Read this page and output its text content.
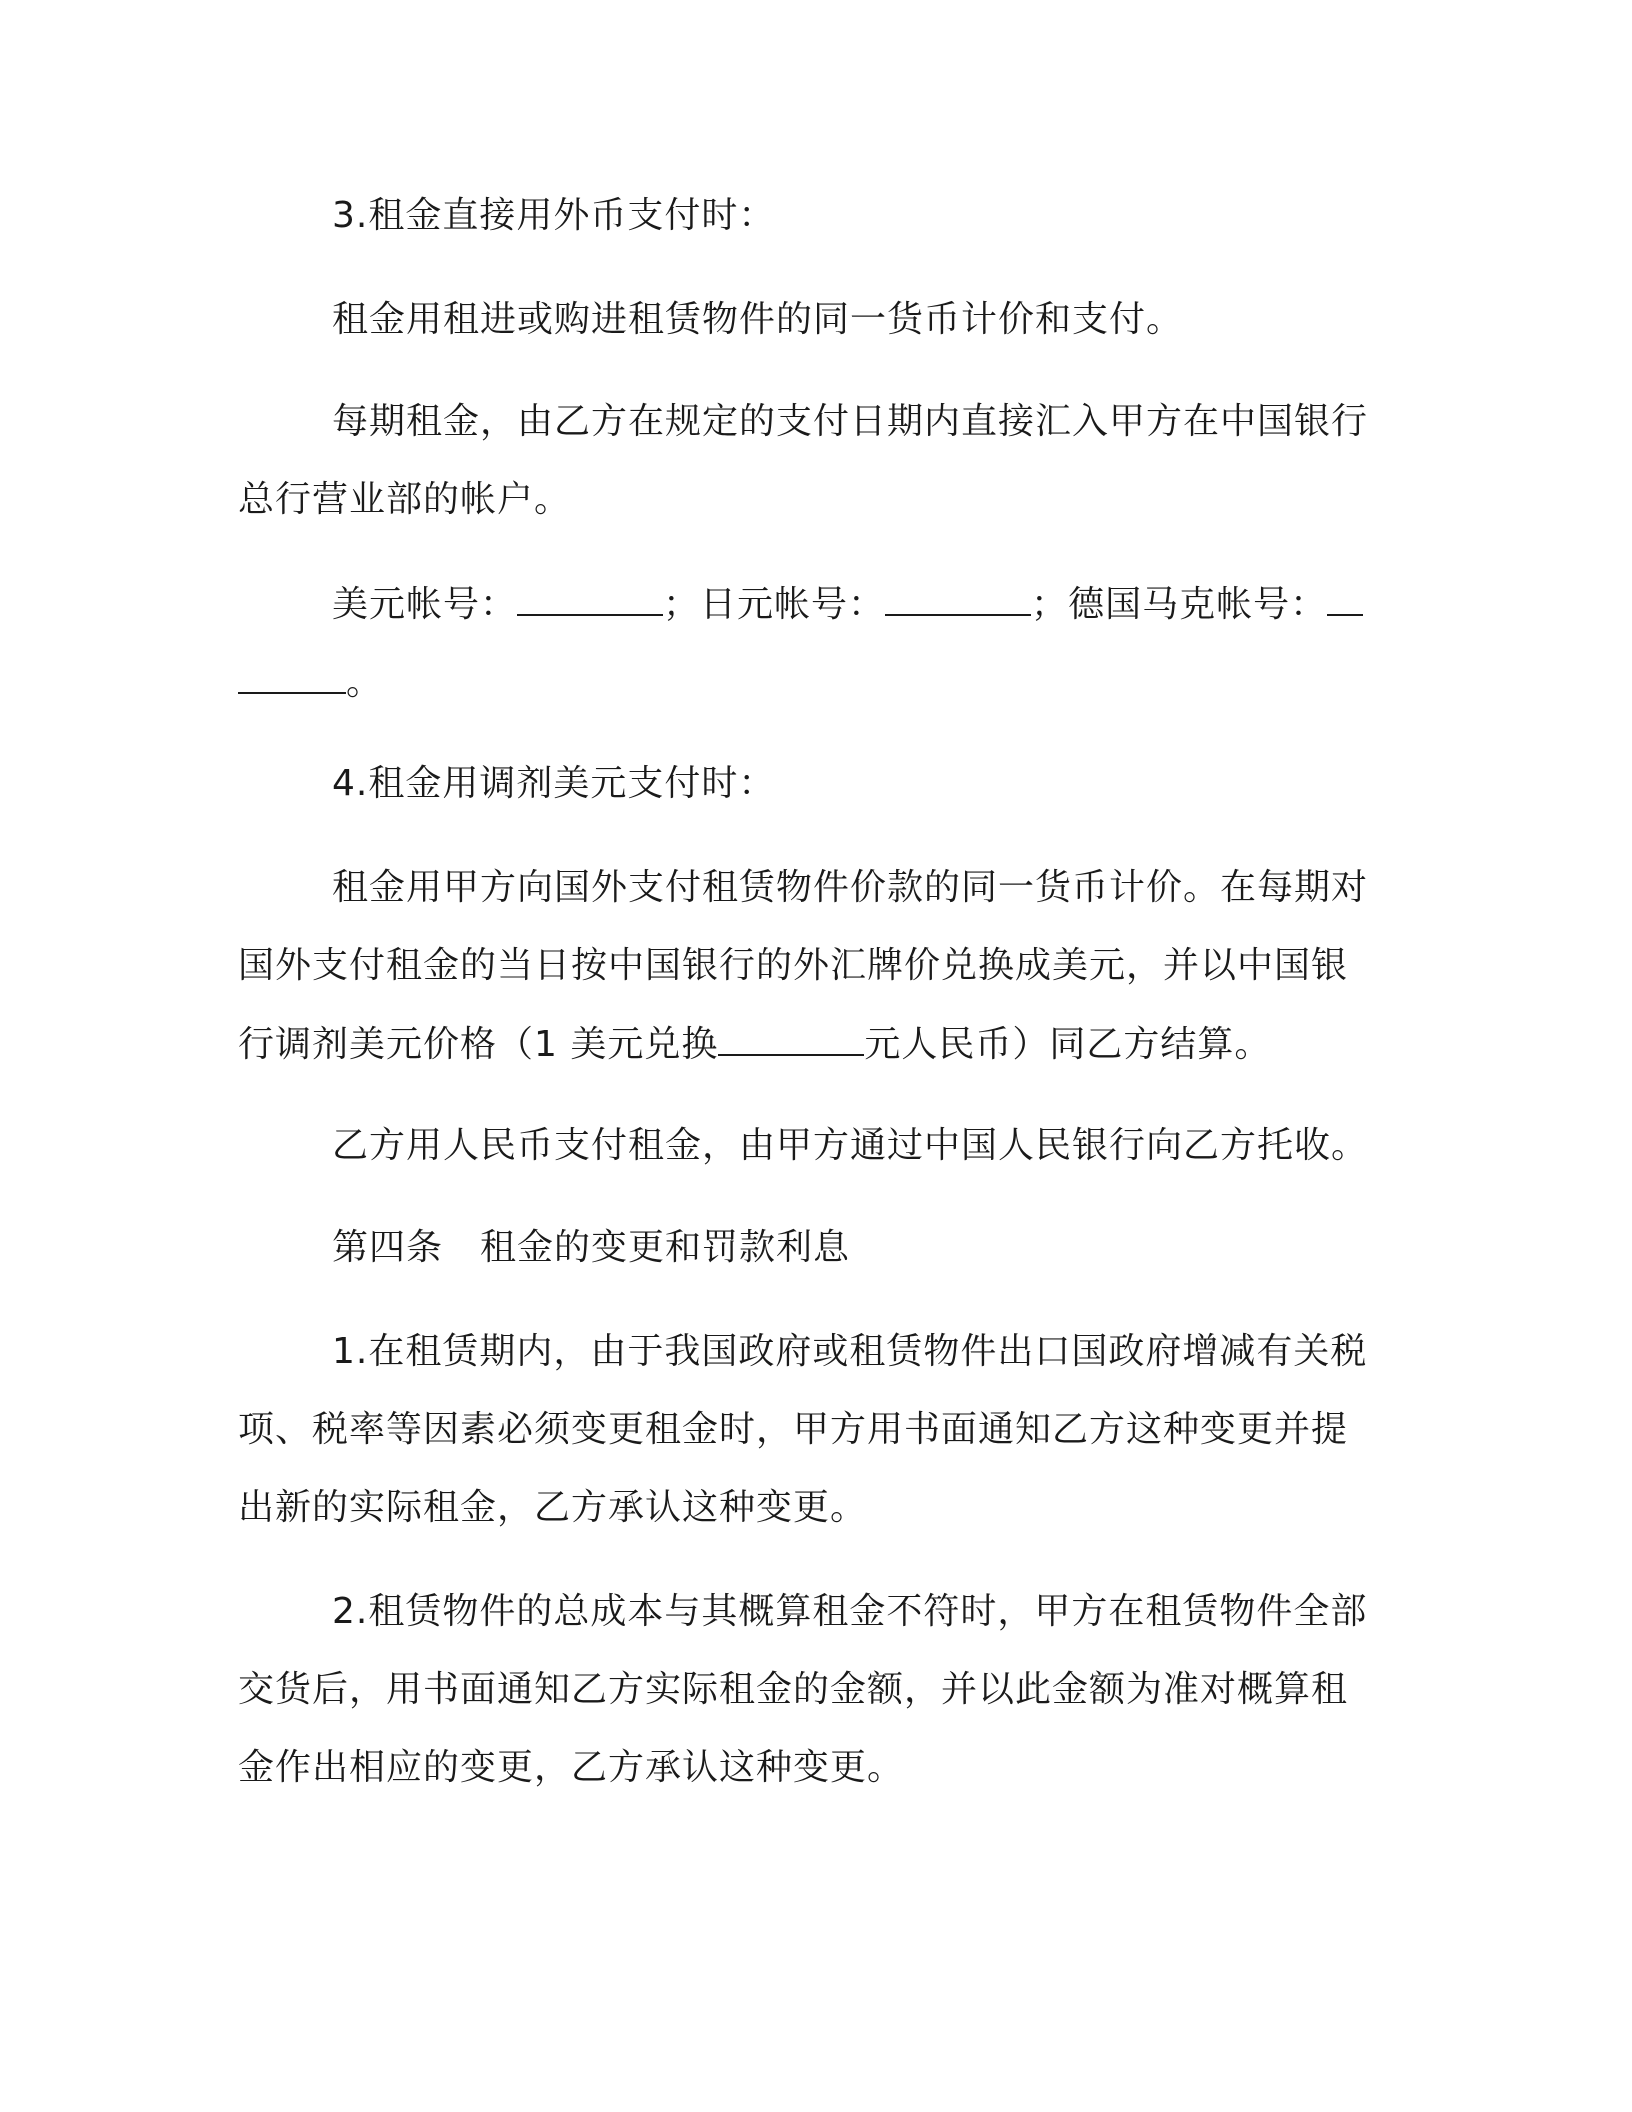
3.租金直接用外币支付时：
租金用租进或购进租赁物件的同一货币计价和支付。
每期租金，由乙方在规定的支付日期内直接汇入甲方在中国银行
总行营业部的帐户。
美元帐号：	；日元帐号：	；德国马克帐号：
。
4.租金用调剂美元支付时：
租金用甲方向国外支付租赁物件价款的同一货币计价。在每期对
国外支付租金的当日按中国银行的外汇牌价兑换成美元，并以中国银
行调剂美元价格（1 美元兑换	元人民币）同乙方结算。
乙方用人民币支付租金，由甲方通过中国人民银行向乙方托收。
第四条　租金的变更和罚款利息
1.在租赁期内，由于我国政府或租赁物件出口国政府增减有关税
项、税率等因素必须变更租金时，甲方用书面通知乙方这种变更并提
出新的实际租金，乙方承认这种变更。
2.租赁物件的总成本与其概算租金不符时，甲方在租赁物件全部
交货后，用书面通知乙方实际租金的金额，并以此金额为准对概算租
金作出相应的变更，乙方承认这种变更。
